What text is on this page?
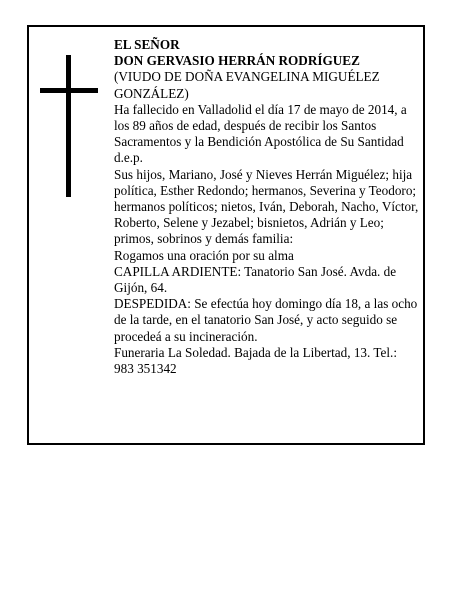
EL SEÑOR

DON GERVASIO HERRÁN RODRÍGUEZ

(VIUDO DE DOÑA EVANGELINA MIGUÉLEZ GONZÁLEZ)

Ha fallecido en Valladolid el día 17 de mayo de 2014, a los 89 años de edad, después de recibir los Santos Sacramentos y la Bendición Apostólica de Su Santidad d.e.p.

Sus hijos, Mariano, José y Nieves Herrán Miguélez; hija política, Esther Redondo; hermanos, Severina y Teodoro; hermanos políticos; nietos, Iván, Deborah, Nacho, Víctor, Roberto, Selene y Jezabel; bisnietos, Adrián y Leo; primos, sobrinos y demás familia:

Rogamos una oración por su alma

CAPILLA ARDIENTE: Tanatorio San José. Avda. de Gijón, 64.

DESPEDIDA: Se efectúa hoy domingo día 18, a las ocho de la tarde, en el tanatorio San José, y acto seguido se procedeá a su incineración.

Funeraria La Soledad. Bajada de la Libertad, 13. Tel.: 983 351342
